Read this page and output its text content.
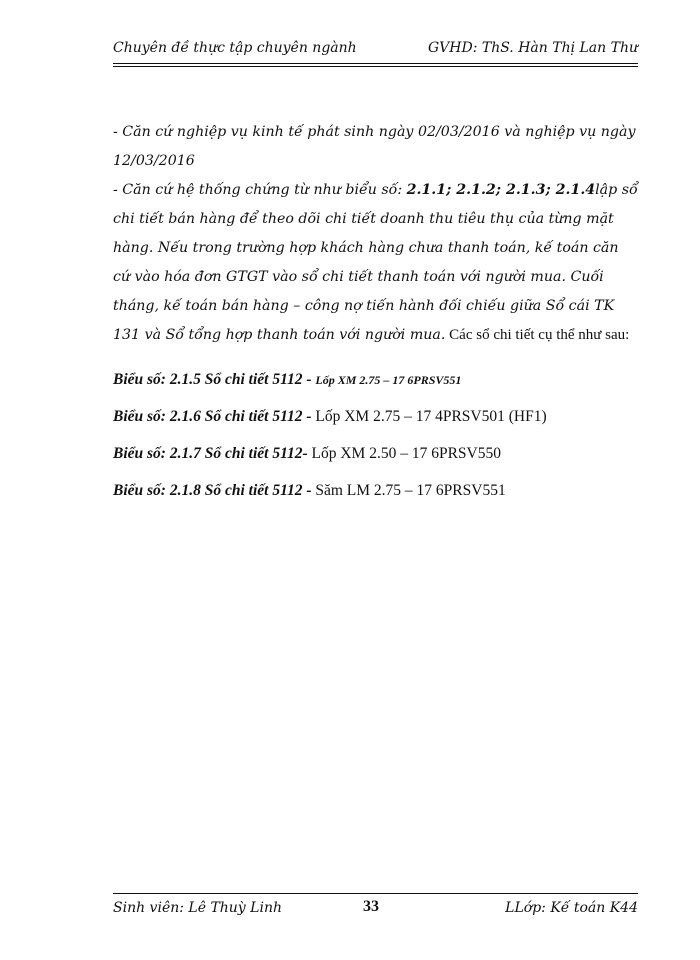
Chuyên đề thực tập chuyên ngành	GVHD: ThS. Hàn Thị Lan Thư

- Căn cứ nghiệp vụ kinh tế phát sinh ngày 02/03/2016 và nghiệp vụ ngày 12/03/2016

- Căn cứ hệ thống chứng từ như biểu số: 2.1.1; 2.1.2; 2.1.3; 2.1.4lập sổ chi tiết bán hàng để theo dõi chi tiết doanh thu tiêu thụ của từng mặt hàng. Nếu trong trường hợp khách hàng chưa thanh toán, kế toán căn cứ vào hóa đơn GTGT vào sổ chi tiết thanh toán với người mua. Cuối tháng, kế toán bán hàng – công nợ tiến hành đối chiếu giữa Sổ cái TK 131 và Sổ tổng hợp thanh toán với người mua. Các sổ chi tiết cụ thể như sau:

Biểu số: 2.1.5 Sổ chi tiết 5112 - Lốp XM 2.75 – 17 6PRSV551
Biểu số: 2.1.6 Sổ chi tiết 5112 - Lốp XM 2.75 – 17 4PRSV501 (HF1)
Biểu số: 2.1.7 Sổ chi tiết 5112- Lốp XM 2.50 – 17 6PRSV550
Biểu số: 2.1.8 Sổ chi tiết 5112 - Săm LM 2.75 – 17 6PRSV551
Sinh viên: Lê Thuỳ Linh	33	LLớp: Kế toán K44
